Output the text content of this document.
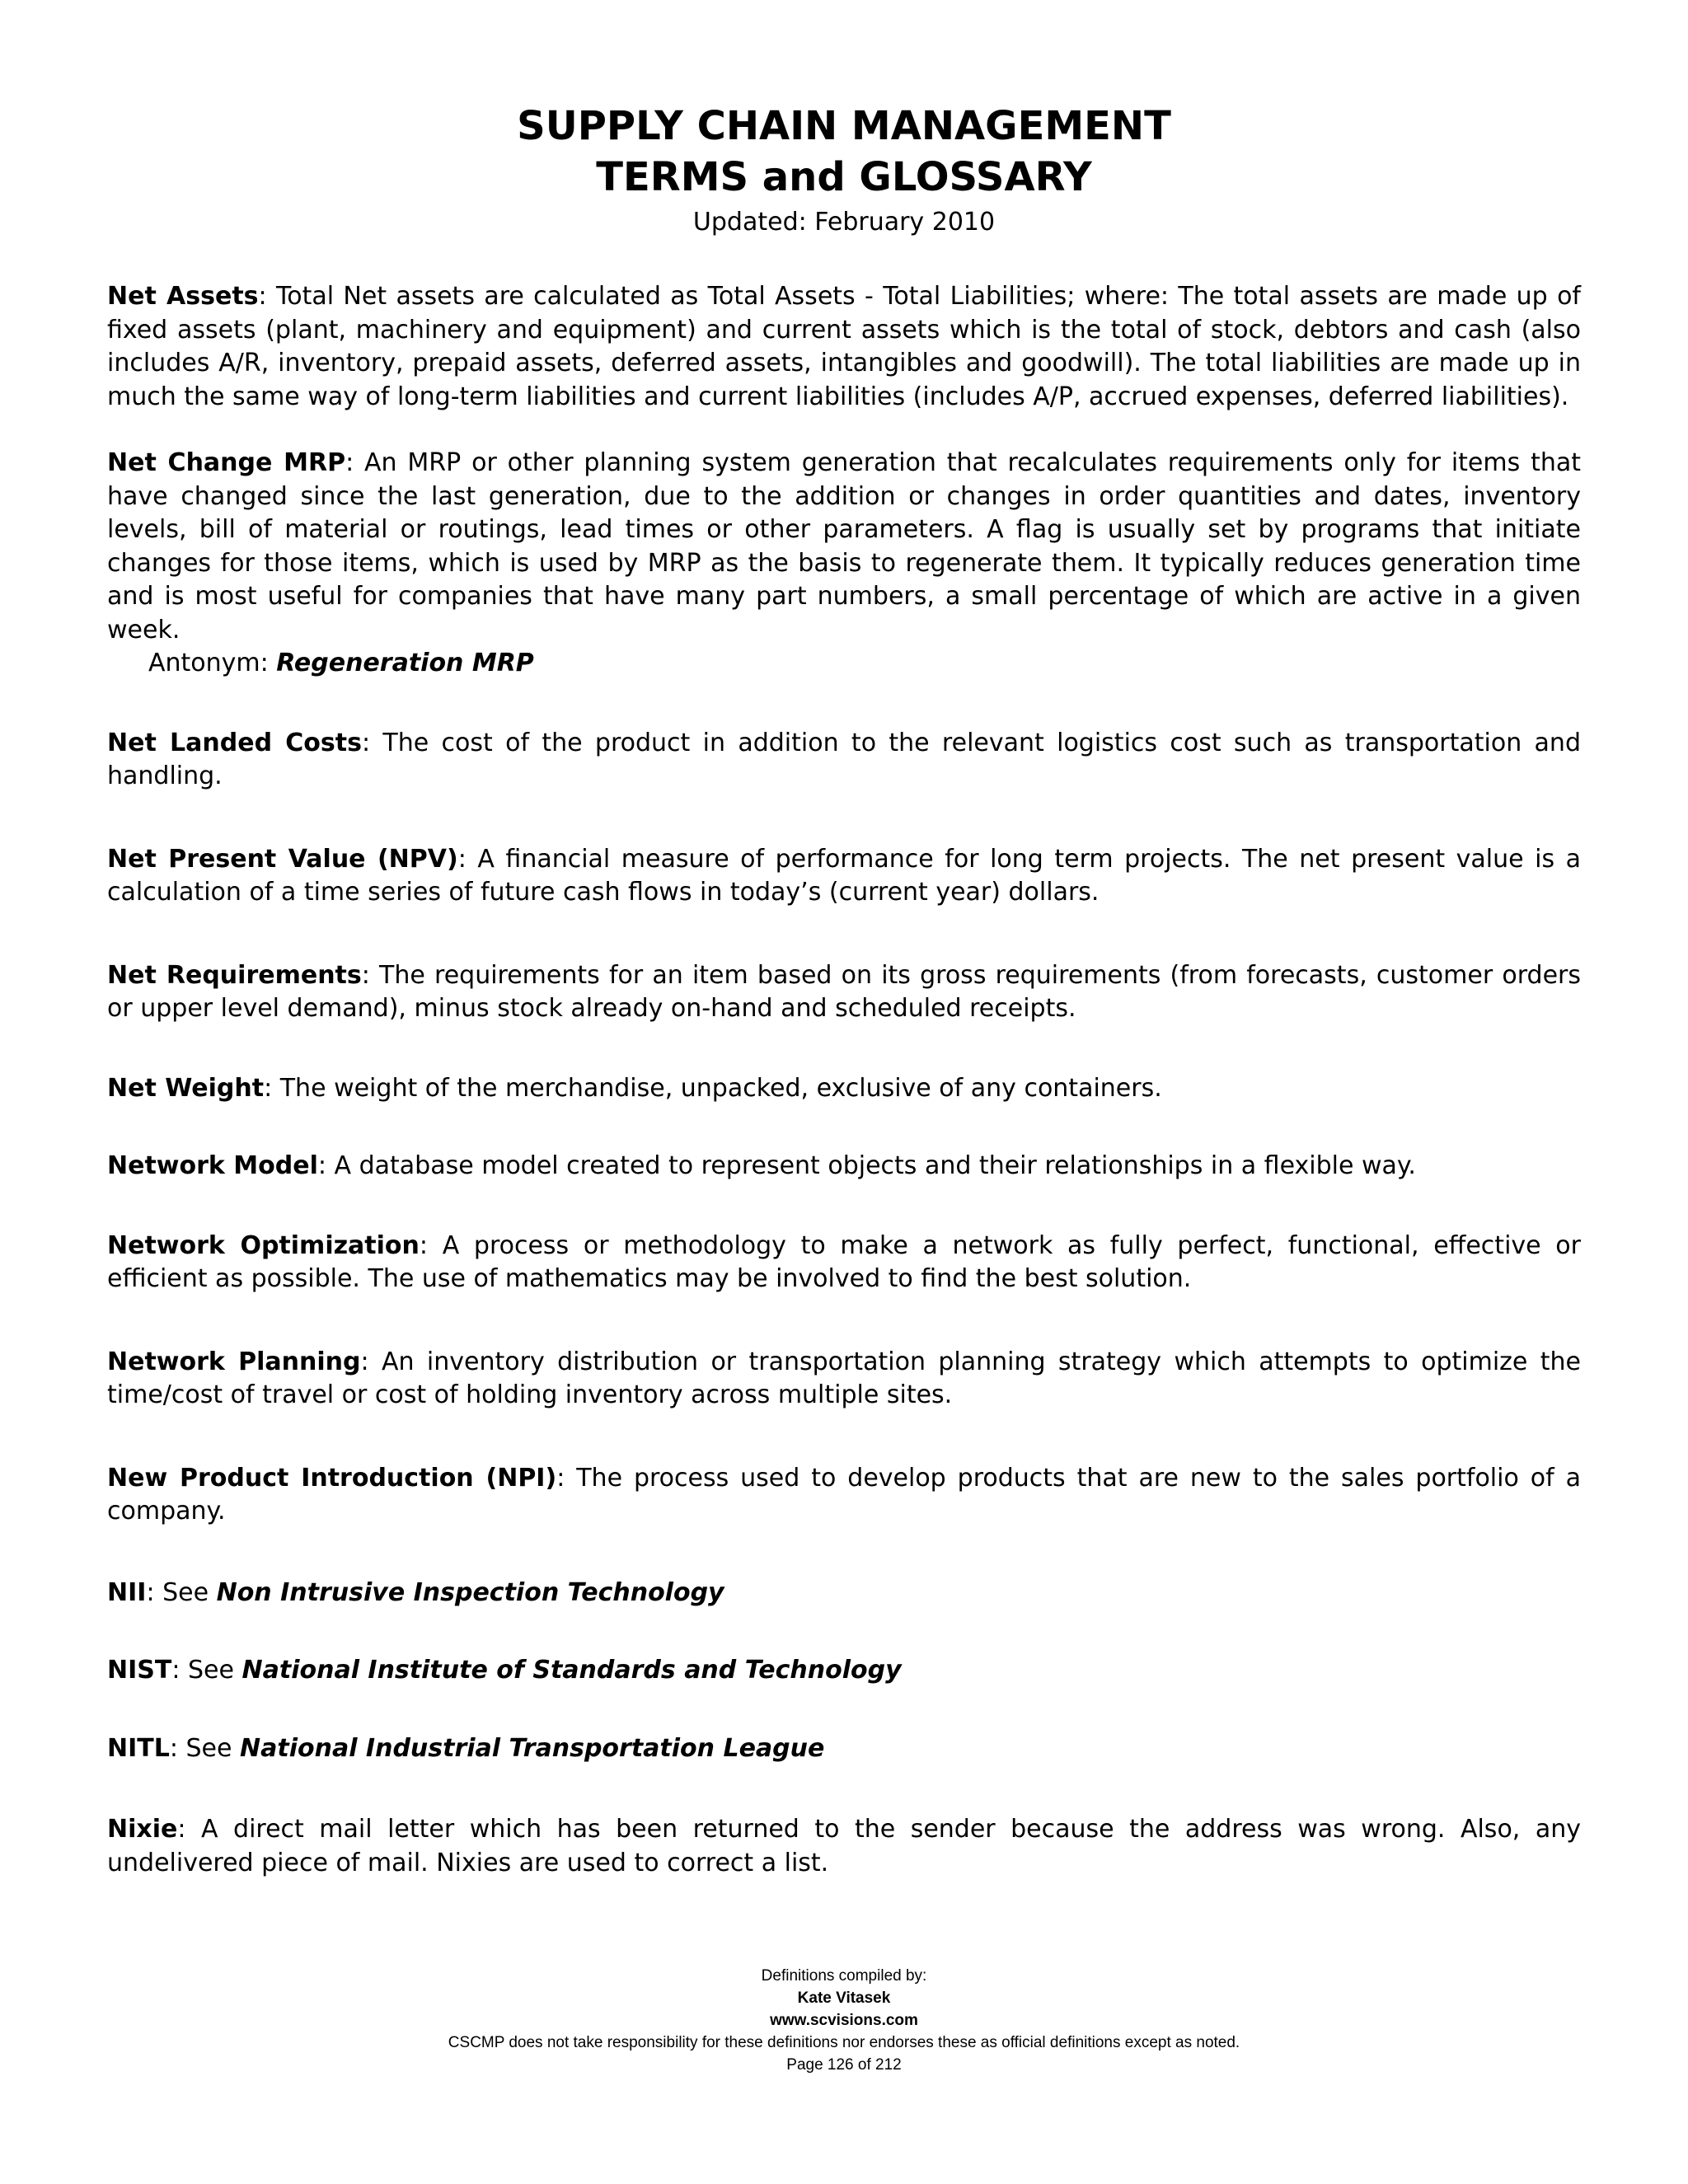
SUPPLY CHAIN MANAGEMENT
TERMS and GLOSSARY
Updated: February 2010
Net Assets: Total Net assets are calculated as Total Assets - Total Liabilities; where: The total assets are made up of fixed assets (plant, machinery and equipment) and current assets which is the total of stock, debtors and cash (also includes A/R, inventory, prepaid assets, deferred assets, intangibles and goodwill). The total liabilities are made up in much the same way of long-term liabilities and current liabilities (includes A/P, accrued expenses, deferred liabilities).
Net Change MRP: An MRP or other planning system generation that recalculates requirements only for items that have changed since the last generation, due to the addition or changes in order quantities and dates, inventory levels, bill of material or routings, lead times or other parameters. A flag is usually set by programs that initiate changes for those items, which is used by MRP as the basis to regenerate them. It typically reduces generation time and is most useful for companies that have many part numbers, a small percentage of which are active in a given week.
Antonym: Regeneration MRP
Net Landed Costs: The cost of the product in addition to the relevant logistics cost such as transportation and handling.
Net Present Value (NPV): A financial measure of performance for long term projects. The net present value is a calculation of a time series of future cash flows in today’s (current year) dollars.
Net Requirements: The requirements for an item based on its gross requirements (from forecasts, customer orders or upper level demand), minus stock already on-hand and scheduled receipts.
Net Weight: The weight of the merchandise, unpacked, exclusive of any containers.
Network Model: A database model created to represent objects and their relationships in a flexible way.
Network Optimization: A process or methodology to make a network as fully perfect, functional, effective or efficient as possible. The use of mathematics may be involved to find the best solution.
Network Planning: An inventory distribution or transportation planning strategy which attempts to optimize the time/cost of travel or cost of holding inventory across multiple sites.
New Product Introduction (NPI): The process used to develop products that are new to the sales portfolio of a company.
NII: See Non Intrusive Inspection Technology
NIST: See National Institute of Standards and Technology
NITL: See National Industrial Transportation League
Nixie: A direct mail letter which has been returned to the sender because the address was wrong. Also, any undelivered piece of mail. Nixies are used to correct a list.
Definitions compiled by:
Kate Vitasek
www.scvisions.com
CSCMP does not take responsibility for these definitions nor endorses these as official definitions except as noted.
Page 126 of 212
